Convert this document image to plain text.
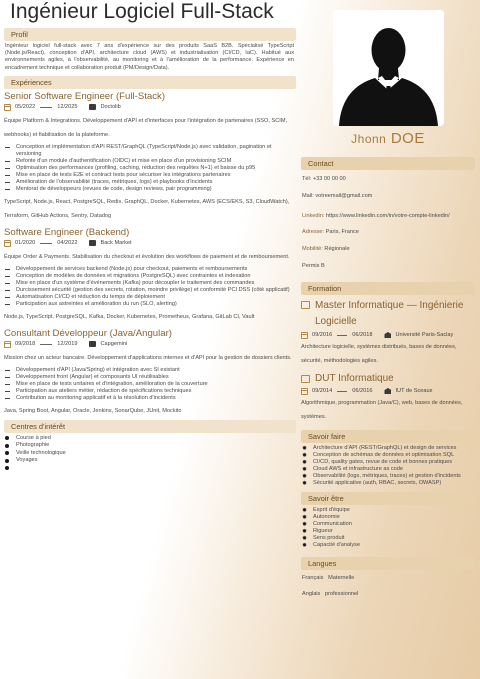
Ingénieur Logiciel Full-Stack
Profil
Ingénieur logiciel full-stack avec 7 ans d'expérience sur des produits SaaS B2B. Spécialisé TypeScript (Node.js/React), conception d'API, architecture cloud (AWS) et industrialisation (CI/CD, IaC). Habitué aux environnements agiles, à l'observabilité, au monitoring et à l'amélioration de la performance. Expérience en encadrement technique et collaboration produit (PM/Design/Data).
Expériences
Senior Software Engineer (Full-Stack)
05/2022	12/2025	Doctolib
Équipe Platform & Integrations. Développement d'API et d'interfaces pour l'intégration de partenaires (SSO, SCIM, webhooks) et fiabilisation de la plateforme.
Conception et implémentation d'API REST/GraphQL (TypeScript/Node.js) avec validation, pagination et versioning
Refonte d'un module d'authentification (OIDC) et mise en place d'un provisioning SCIM
Optimisation des performances (profiling, caching, réduction des requêtes N+1) et baisse du p95
Mise en place de tests E2E et contract tests pour sécuriser les intégrations partenaires
Amélioration de l'observabilité (traces, métriques, logs) et playbooks d'incidents
Mentorat de développeurs (revues de code, design reviews, pair programming)
TypeScript, Node.js, React, PostgreSQL, Redis, GraphQL, Docker, Kubernetes, AWS (ECS/EKS, S3, CloudWatch), Terraform, GitHub Actions, Sentry, Datadog
Software Engineer (Backend)
01/2020	04/2022	Back Market
Équipe Order & Payments. Stabilisation du checkout et évolution des workflows de paiement et de remboursement.
Développement de services backend (Node.js) pour checkout, paiements et remboursements
Conception de modèles de données et migrations (PostgreSQL) avec contraintes et indexation
Mise en place d'un système d'événements (Kafka) pour découpler le traitement des commandes
Durcissement sécurité (gestion des secrets, rotation, moindre privilège) et conformité PCI DSS (côté applicatif)
Automatisation CI/CD et réduction du temps de déploiement
Participation aux astreintes et amélioration du run (SLO, alerting)
Node.js, TypeScript, PostgreSQL, Kafka, Docker, Kubernetes, Prometheus, Grafana, GitLab CI, Vault
Consultant Développeur (Java/Angular)
09/2018	12/2019	Capgemini
Mission chez un acteur bancaire. Développement d'applications internes et d'API pour la gestion de dossiers clients.
Développement d'API (Java/Spring) et intégration avec SI existant
Développement front (Angular) et composants UI réutilisables
Mise en place de tests unitaires et d'intégration, amélioration de la couverture
Participation aux ateliers métier, rédaction de spécifications techniques
Contribution au monitoring applicatif et à la résolution d'incidents
Java, Spring Boot, Angular, Oracle, Jenkins, SonarQube, JUnit, Mockito
Centres d'intérêt
Course à pied
Photographie
Veille technologique
Voyages
Jhonn DOE
Contact
Tél: +33 00 00 00
Mail: votreemail@gmail.com
Linkedin: https://www.linkedin.com/in/votre-compte-linkedin/
Adresse: Paris, France
Mobilité: Régionale
Permis B
Formation
Master Informatique — Ingénierie Logicielle
09/2016	06/2018	Université Paris-Saclay
Architecture logicielle, systèmes distribués, bases de données, sécurité, méthodologies agiles.
DUT Informatique
09/2014	06/2016	IUT de Sceaux
Algorithmique, programmation (Java/C), web, bases de données, systèmes.
Savoir faire
✹ Architecture d'API (REST/GraphQL) et design de services
✹ Conception de schémas de données et optimisation SQL
✹ CI/CD, quality gates, revue de code et bonnes pratiques
✹ Cloud AWS et infrastructure as code
✹ Observabilité (logs, métriques, traces) et gestion d'incidents
✹ Sécurité applicative (auth, RBAC, secrets, OWASP)
Savoir être
✹ Esprit d'équipe
✹ Autonomie
✹ Communication
✹ Rigueur
✹ Sens produit
✹ Capacité d'analyse
Langues
Français Maternelle
Anglais professionnel
